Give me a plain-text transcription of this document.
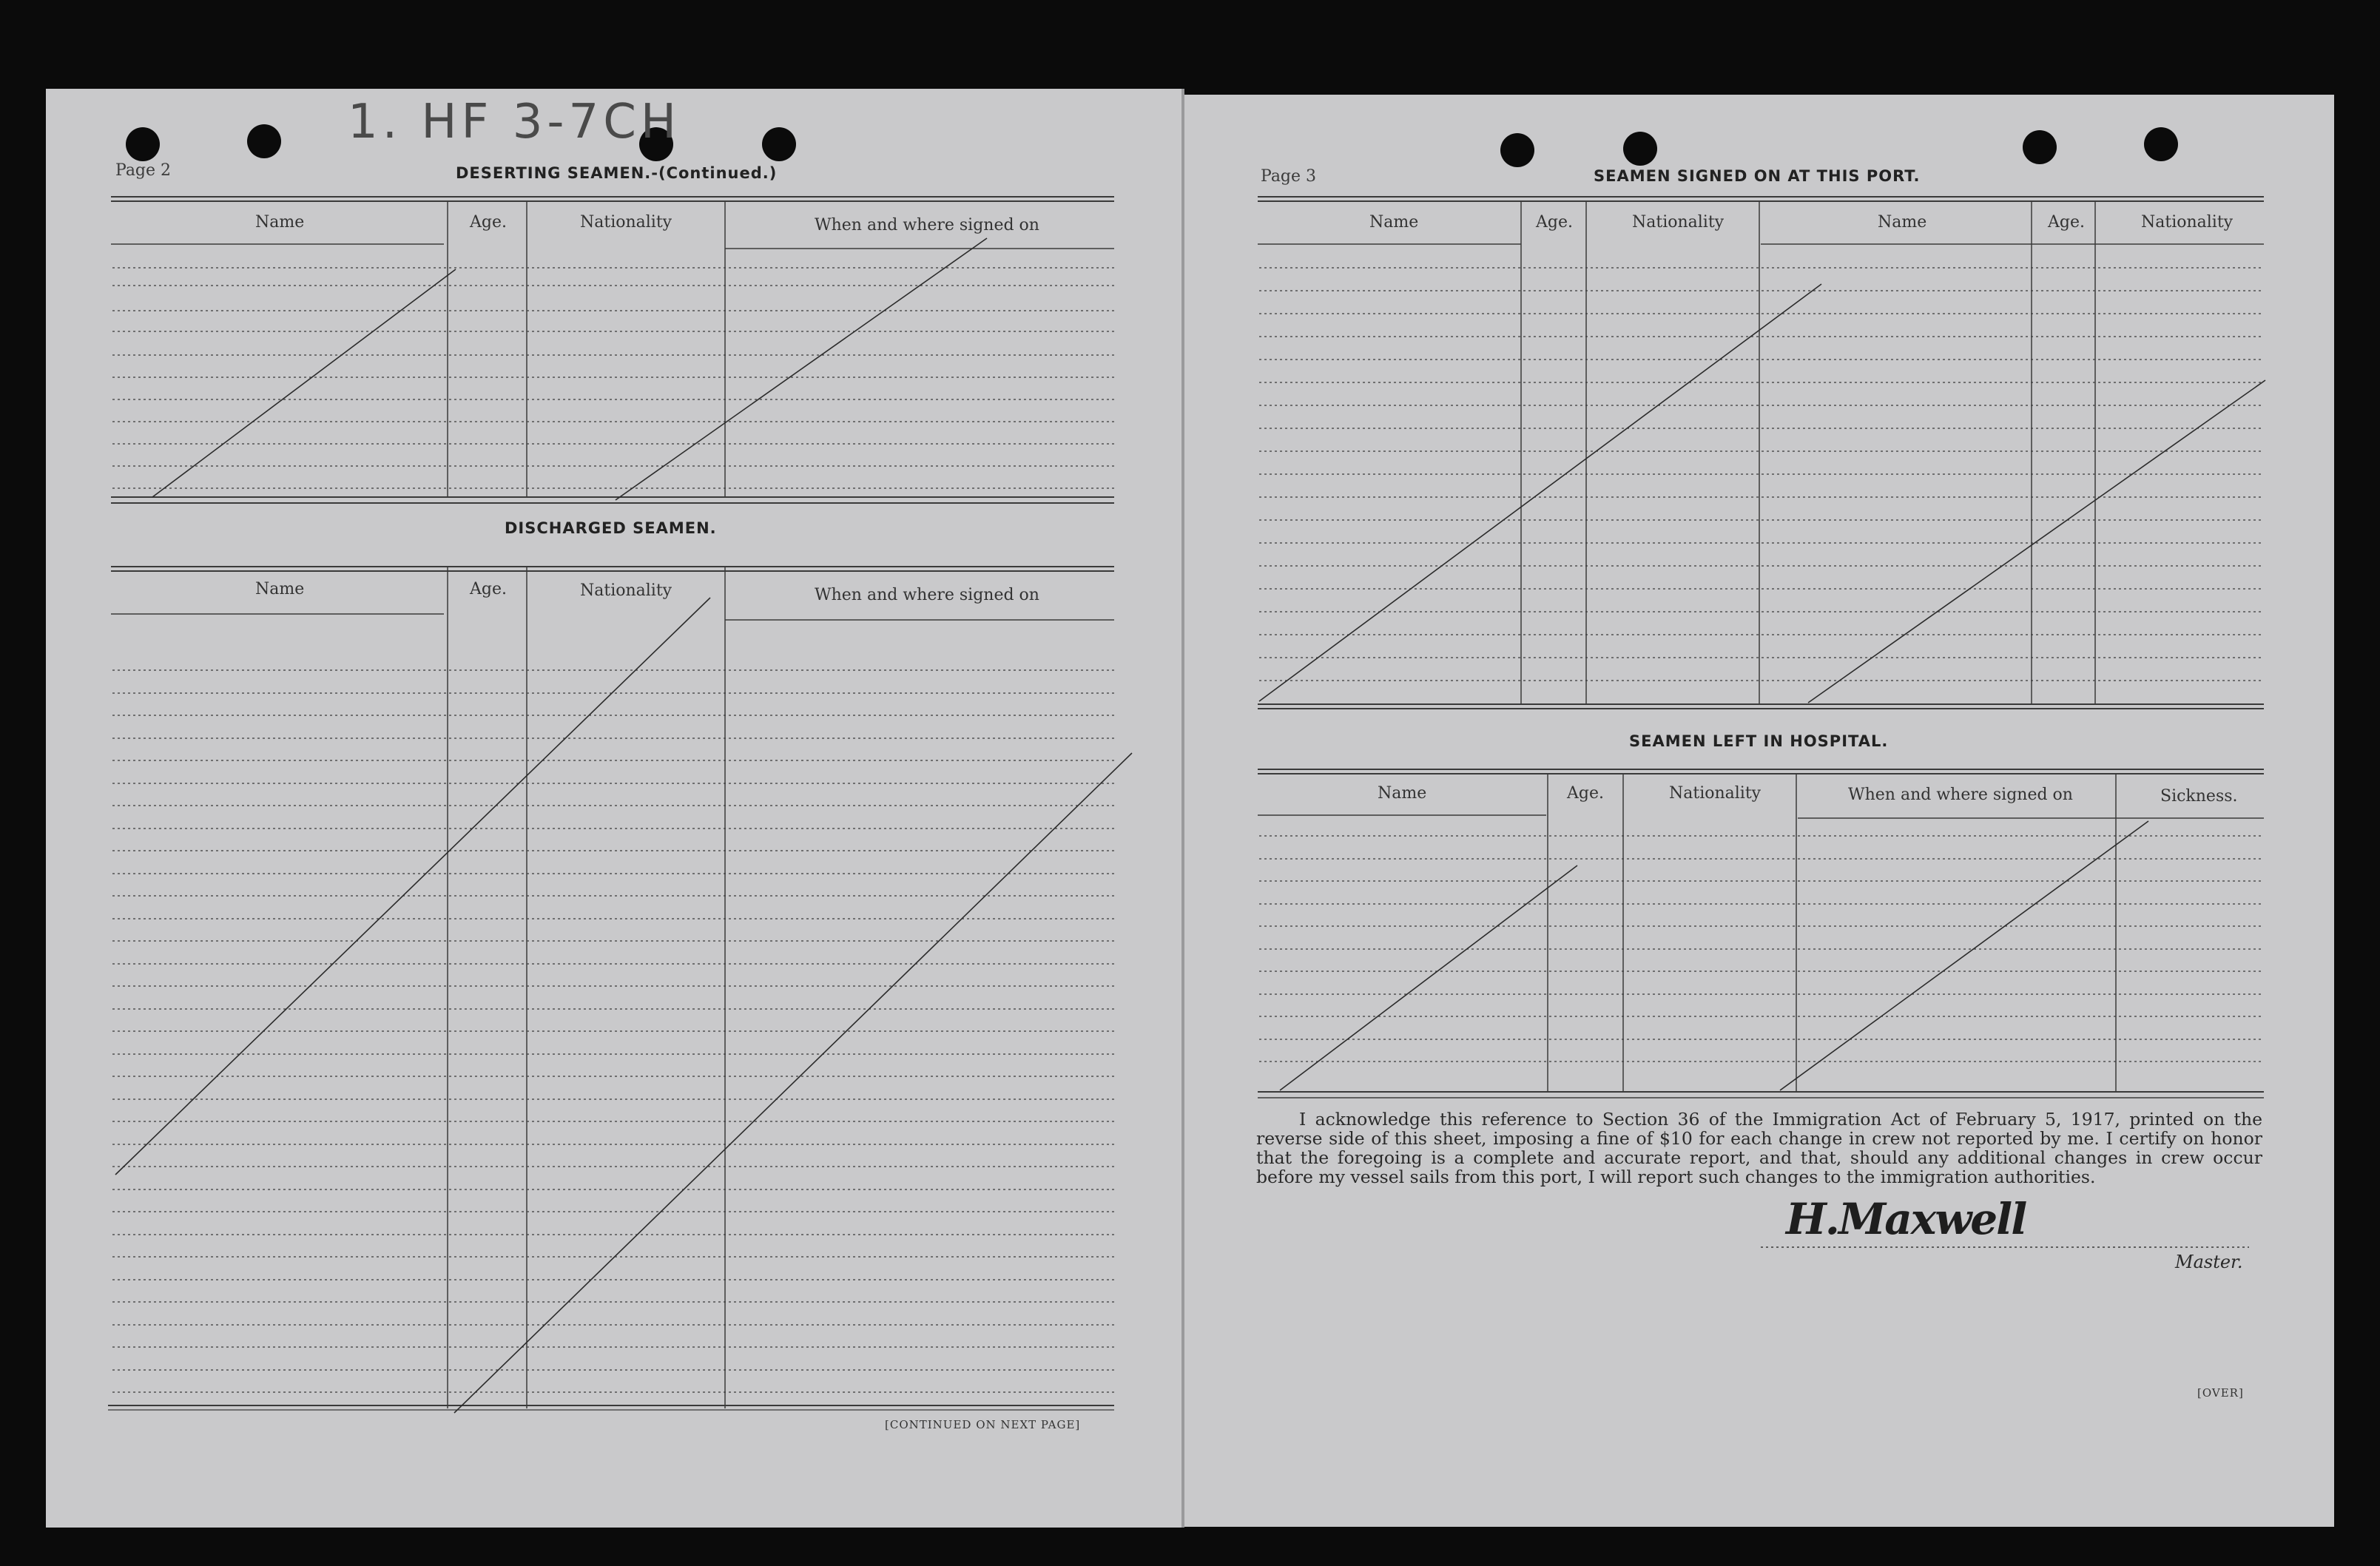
1. HF 3-7CH
Page 2	DESERTING SEAMEN.-(Continued.)
Name	Age.	Nationality	When and where signed on
DISCHARGED SEAMEN.
Name	Age.	Nationality	When and where signed on
[CONTINUED ON NEXT PAGE]
Page 3	SEAMEN SIGNED ON AT THIS PORT.
Name	Age.	Nationality	Name	Age.	Nationality
SEAMEN LEFT IN HOSPITAL.
Name	Age.	Nationality	When and where signed on	Sickness.
I acknowledge this reference to Section 36 of the Immigration Act of February 5, 1917, printed on the reverse side of this sheet, imposing a fine of $10 for each change in crew not reported by me. I certify on honor that the foregoing is a complete and accurate report, and that, should any additional changes in crew occur before my vessel sails from this port, I will report such changes to the immigration authorities.
H.Maxwell
Master.
[OVER]
